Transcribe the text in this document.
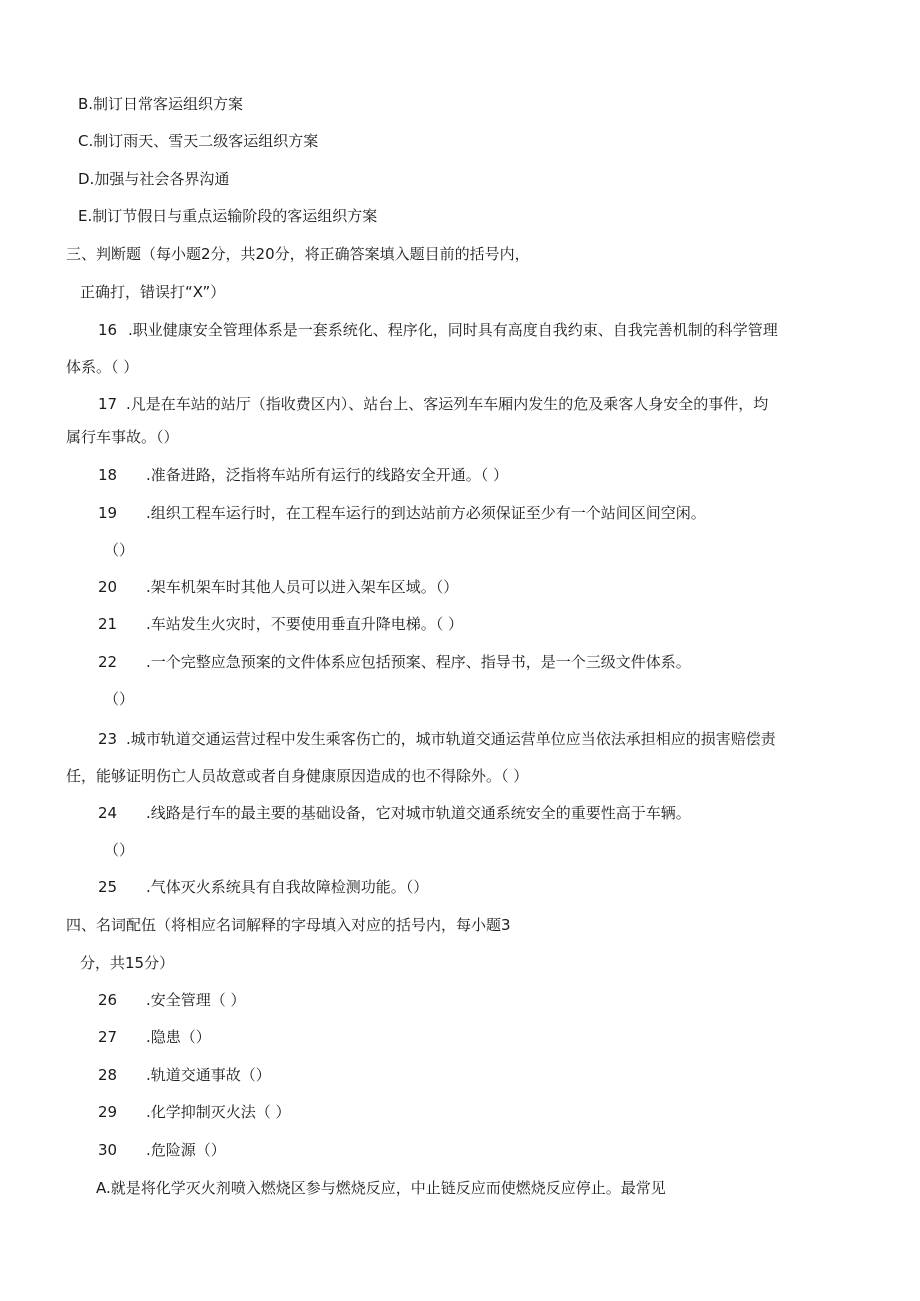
B.制订日常客运组织方案
C.制订雨天、雪天二级客运组织方案
D.加强与社会各界沟通
E.制订节假日与重点运输阶段的客运组织方案
三、判断题（每小题2分，共20分，将正确答案填入题目前的括号内，
正确打，错误打“X”）
16 .职业健康安全管理体系是一套系统化、程序化，同时具有高度自我约束、自我完善机制的科学管理
体系。（ ）
17 .凡是在车站的站厅（指收费区内）、站台上、客运列车车厢内发生的危及乘客人身安全的事件，均
属行车事故。（）
18 .准备进路，泛指将车站所有运行的线路安全开通。（ ）
19 .组织工程车运行时，在工程车运行的到达站前方必须保证至少有一个站间区间空闲。
（）
20 .架车机架车时其他人员可以进入架车区域。（）
21 .车站发生火灾时，不要使用垂直升降电梯。（ ）
22 .一个完整应急预案的文件体系应包括预案、程序、指导书，是一个三级文件体系。
（）
23 .城市轨道交通运营过程中发生乘客伤亡的，城市轨道交通运营单位应当依法承担相应的损害赔偿责
任，能够证明伤亡人员故意或者自身健康原因造成的也不得除外。（ ）
24 .线路是行车的最主要的基础设备，它对城市轨道交通系统安全的重要性高于车辆。
（）
25 .气体灭火系统具有自我故障检测功能。（）
四、名词配伍（将相应名词解释的字母填入对应的括号内，每小题3
分，共15分）
26 .安全管理（ ）
27 .隐患（）
28 .轨道交通事故（）
29 .化学抑制灭火法（ ）
30 .危险源（）
A.就是将化学灭火剂喷入燃烧区参与燃烧反应，中止链反应而使燃烧反应停止。最常见
